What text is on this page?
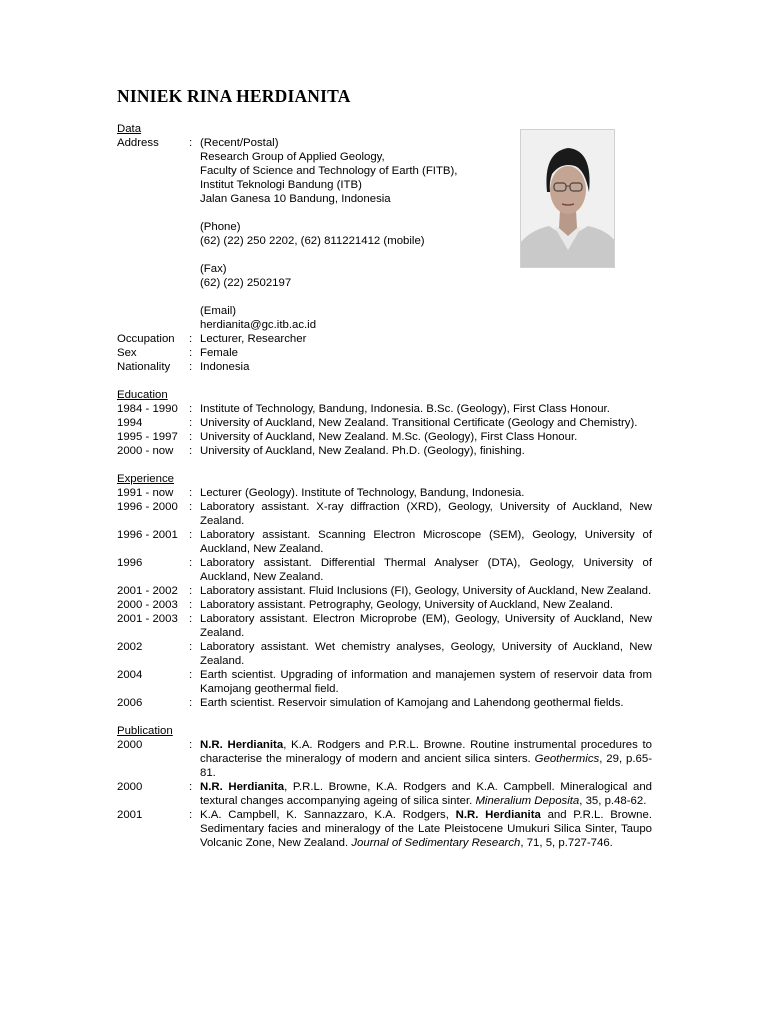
NINIEK RINA HERDIANITA
Data
Address	: (Recent/Postal)
Research Group of Applied Geology,
Faculty of Science and Technology of Earth (FITB),
Institut Teknologi Bandung (ITB)
Jalan Ganesa 10 Bandung, Indonesia
(Phone)
(62) (22) 250 2202, (62) 811221412 (mobile)
(Fax)
(62) (22) 2502197
(Email)
herdianita@gc.itb.ac.id
Occupation	: Lecturer, Researcher
Sex	: Female
Nationality	: Indonesia
Education
1984 - 1990 : Institute of Technology, Bandung, Indonesia. B.Sc. (Geology), First Class Honour.
1994	: University of Auckland, New Zealand. Transitional Certificate (Geology and Chemistry).
1995 - 1997 : University of Auckland, New Zealand. M.Sc. (Geology), First Class Honour.
2000 - now	: University of Auckland, New Zealand. Ph.D. (Geology), finishing.
Experience
1991 - now	: Lecturer (Geology). Institute of Technology, Bandung, Indonesia.
1996 - 2000 : Laboratory assistant. X-ray diffraction (XRD), Geology, University of Auckland, New Zealand.
1996 - 2001 : Laboratory assistant. Scanning Electron Microscope (SEM), Geology, University of Auckland, New Zealand.
1996	: Laboratory assistant. Differential Thermal Analyser (DTA), Geology, University of Auckland, New Zealand.
2001 - 2002 : Laboratory assistant. Fluid Inclusions (FI), Geology, University of Auckland, New Zealand.
2000 - 2003 : Laboratory assistant. Petrography, Geology, University of Auckland, New Zealand.
2001 - 2003 : Laboratory assistant. Electron Microprobe (EM), Geology, University of Auckland, New Zealand.
2002	: Laboratory assistant. Wet chemistry analyses, Geology, University of Auckland, New Zealand.
2004	: Earth scientist. Upgrading of information and manajemen system of reservoir data from Kamojang geothermal field.
2006	: Earth scientist. Reservoir simulation of Kamojang and Lahendong geothermal fields.
Publication
2000	: N.R. Herdianita, K.A. Rodgers and P.R.L. Browne. Routine instrumental procedures to characterise the mineralogy of modern and ancient silica sinters. Geothermics, 29, p.65-81.
2000	: N.R. Herdianita, P.R.L. Browne, K.A. Rodgers and K.A. Campbell. Mineralogical and textural changes accompanying ageing of silica sinter. Mineralium Deposita, 35, p.48-62.
2001	: K.A. Campbell, K. Sannazzaro, K.A. Rodgers, N.R. Herdianita and P.R.L. Browne. Sedimentary facies and mineralogy of the Late Pleistocene Umukuri Silica Sinter, Taupo Volcanic Zone, New Zealand. Journal of Sedimentary Research, 71, 5, p.727-746.
